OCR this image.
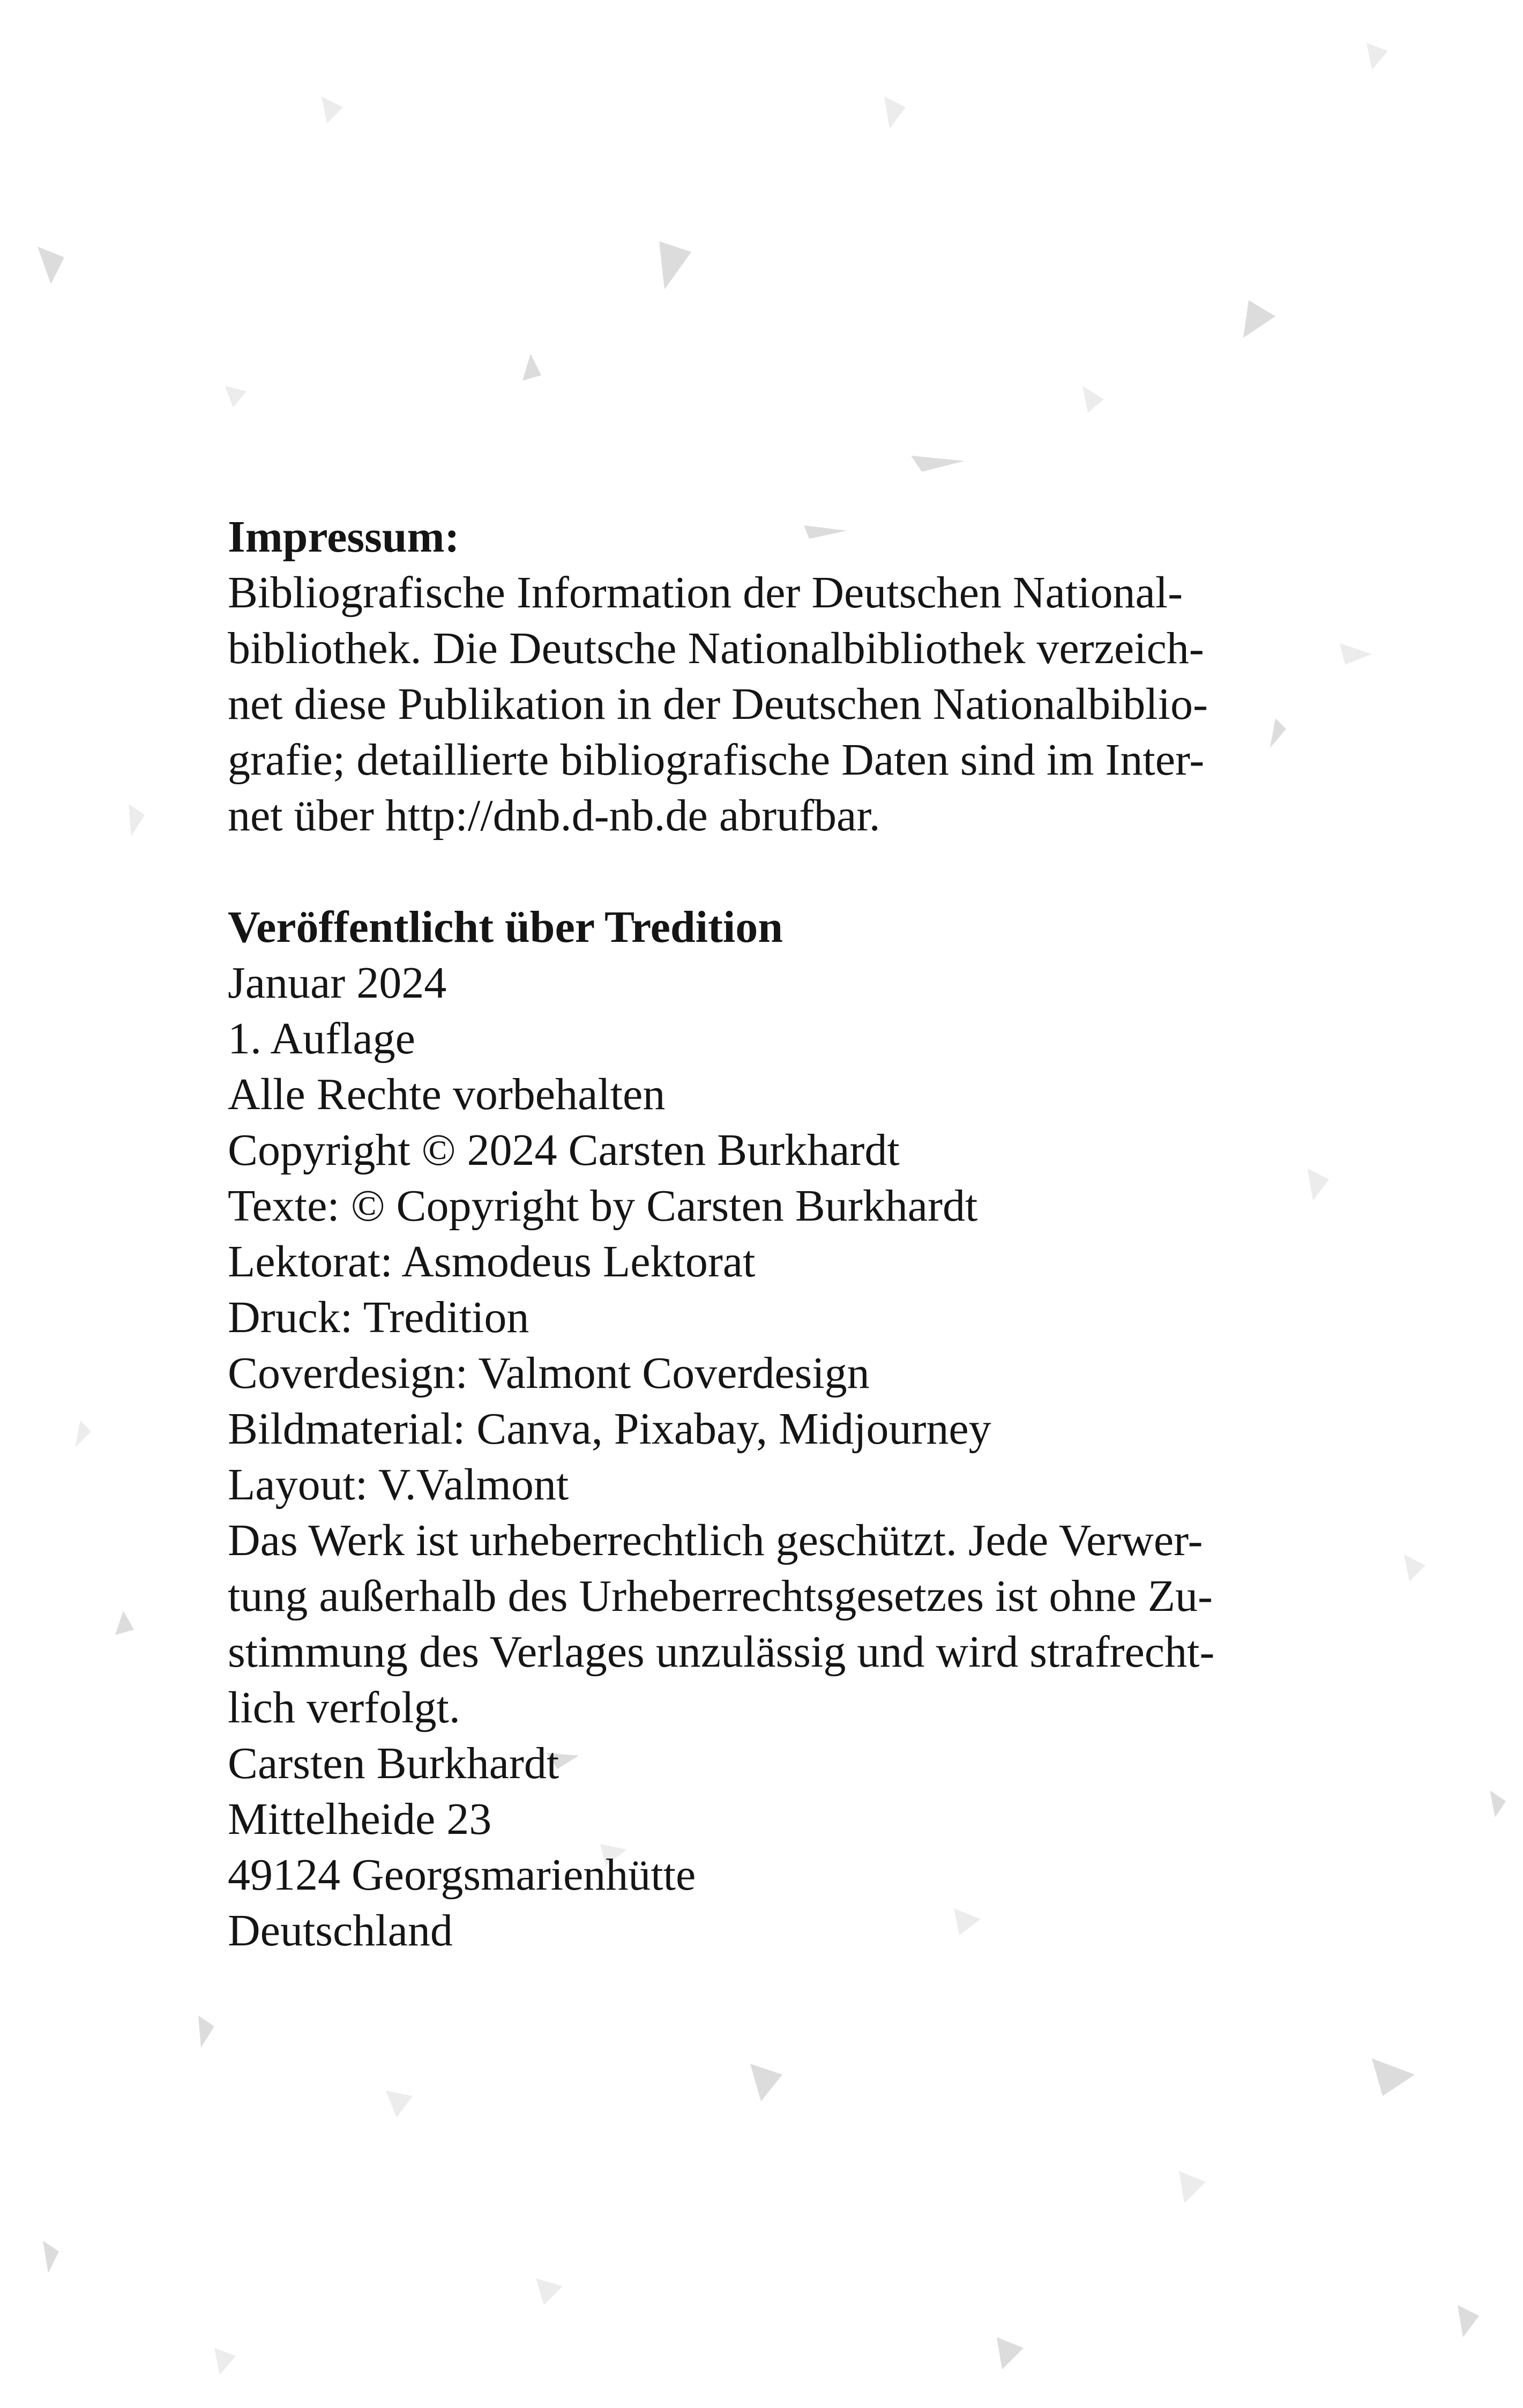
Impressum:
Bibliografische Information der Deutschen National-
bibliothek. Die Deutsche Nationalbibliothek verzeich-
net diese Publikation in der Deutschen Nationalbiblio-
grafie; detaillierte bibliografische Daten sind im Inter-
net über http://dnb.d-nb.de abrufbar.
Veröffentlicht über Tredition
Januar 2024
1. Auflage
Alle Rechte vorbehalten
Copyright © 2024 Carsten Burkhardt
Texte: © Copyright by Carsten Burkhardt
Lektorat: Asmodeus Lektorat
Druck: Tredition
Coverdesign: Valmont Coverdesign
Bildmaterial: Canva, Pixabay, Midjourney
Layout: V.Valmont
Das Werk ist urheberrechtlich geschützt. Jede Verwer-
tung außerhalb des Urheberrechtsgesetzes ist ohne Zu-
stimmung des Verlages unzulässig und wird strafrecht-
lich verfolgt.
Carsten Burkhardt
Mittelheide 23
49124 Georgsmarienhütte
Deutschland
